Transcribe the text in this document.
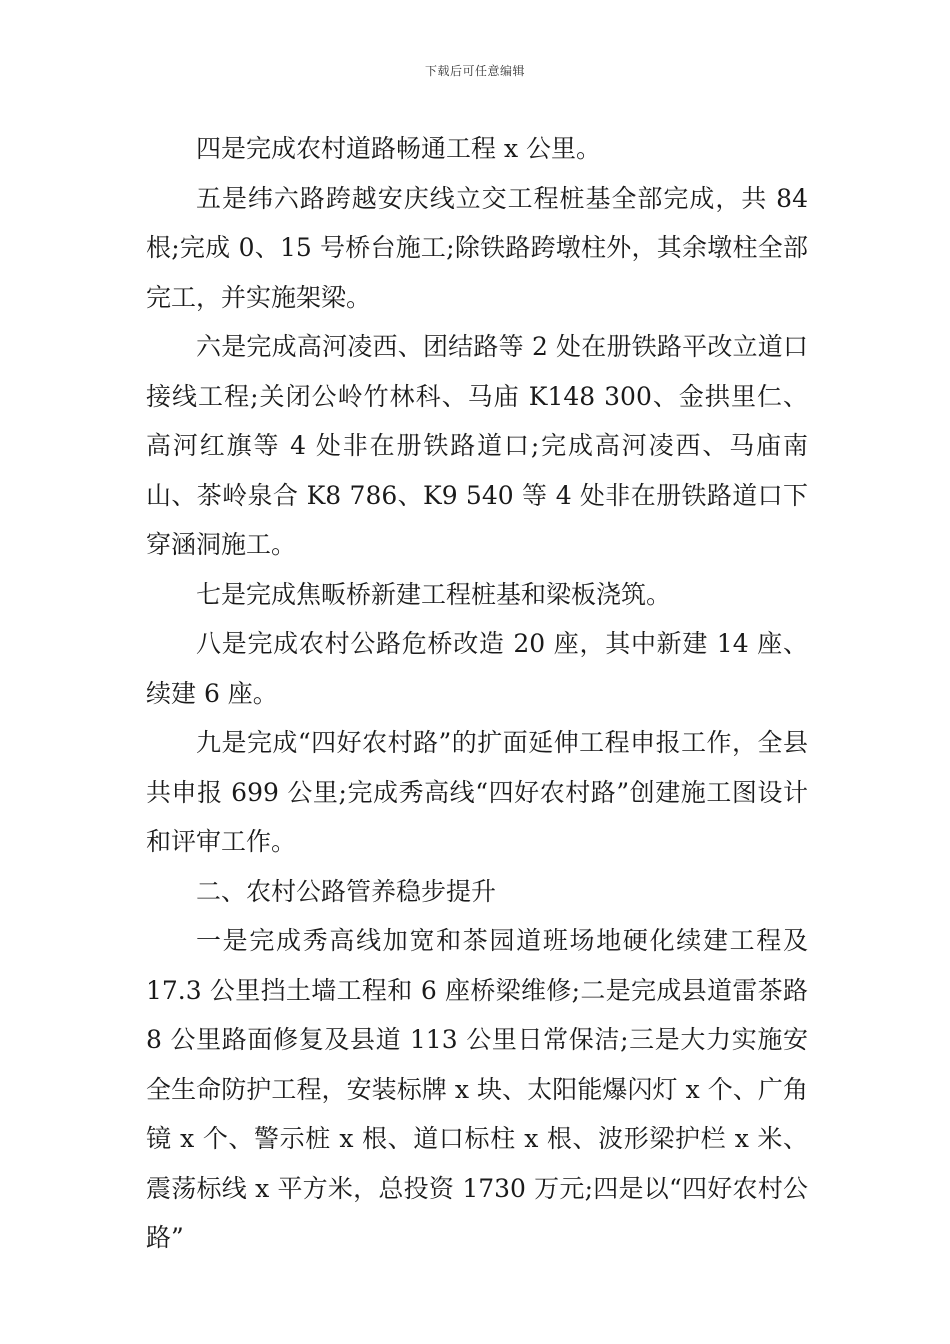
下载后可任意编辑

四是完成农村道路畅通工程 x 公里。

五是纬六路跨越安庆线立交工程桩基全部完成，共 84 根;完成 0、15 号桥台施工;除铁路跨墩柱外，其余墩柱全部完工，并实施架梁。

六是完成高河凌西、团结路等 2 处在册铁路平改立道口接线工程;关闭公岭竹林科、马庙 K148 300、金拱里仁、高河红旗等 4 处非在册铁路道口;完成高河凌西、马庙南山、茶岭泉合 K8 786、K9 540 等 4 处非在册铁路道口下穿涵洞施工。

七是完成焦畈桥新建工程桩基和梁板浇筑。

八是完成农村公路危桥改造 20 座，其中新建 14 座、续建 6 座。

九是完成“四好农村路”的扩面延伸工程申报工作，全县共申报 699 公里;完成秀高线“四好农村路”创建施工图设计和评审工作。

二、农村公路管养稳步提升

一是完成秀高线加宽和茶园道班场地硬化续建工程及 17.3 公里挡土墙工程和 6 座桥梁维修;二是完成县道雷茶路 8 公里路面修复及县道 113 公里日常保洁;三是大力实施安全生命防护工程，安装标牌 x 块、太阳能爆闪灯 x 个、广角镜 x 个、警示桩 x 根、道口标柱 x 根、波形梁护栏 x 米、震荡标线 x 平方米，总投资 1730 万元;四是以“四好农村公路”
